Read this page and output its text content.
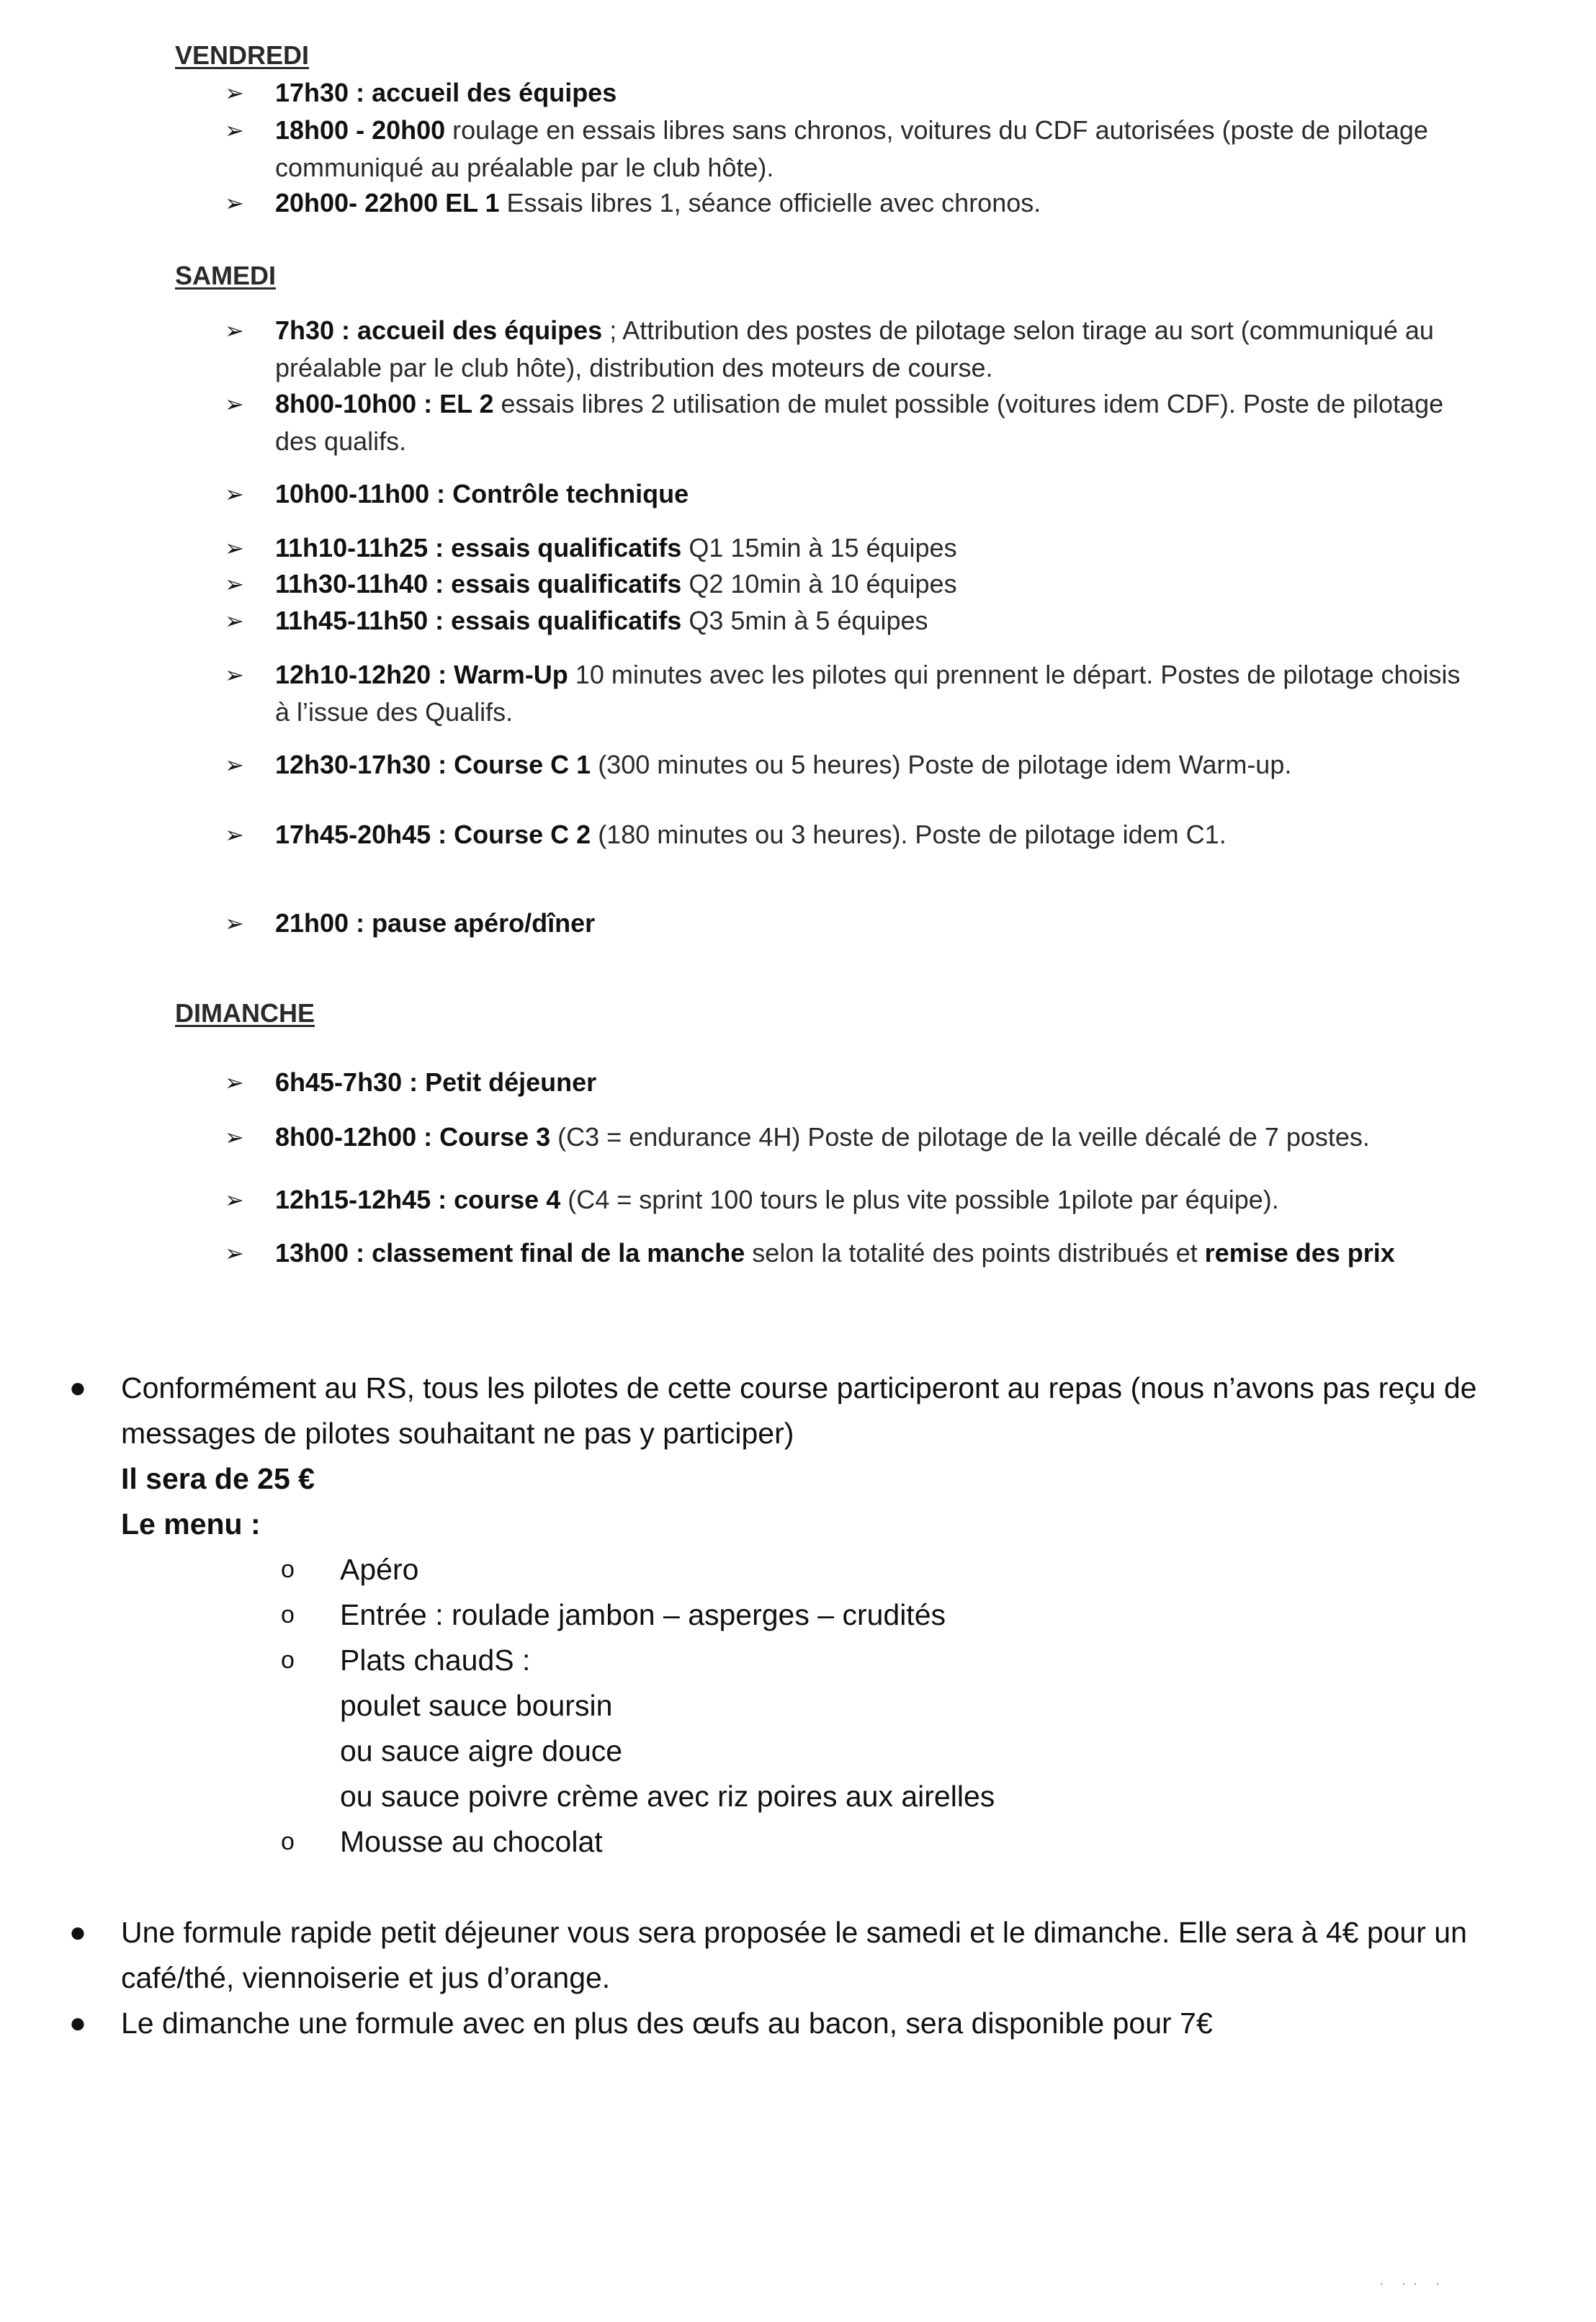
VENDREDI
➢	17h30 : accueil des équipes
➢	18h00 - 20h00 roulage en essais libres sans chronos, voitures du CDF autorisées (poste de pilotage communiqué au préalable par le club hôte).
➢	20h00- 22h00 EL 1 Essais libres 1, séance officielle avec chronos.
SAMEDI
➢	7h30 : accueil des équipes ; Attribution des postes de pilotage selon tirage au sort (communiqué au préalable par le club hôte), distribution des moteurs de course.
➢	8h00-10h00 : EL 2 essais libres 2 utilisation de mulet possible (voitures idem CDF). Poste de pilotage des qualifs.
➢	10h00-11h00 : Contrôle technique
➢	11h10-11h25 : essais qualificatifs Q1 15min à 15 équipes
➢	11h30-11h40 : essais qualificatifs Q2 10min à 10 équipes
➢	11h45-11h50 : essais qualificatifs Q3 5min à 5 équipes
➢	12h10-12h20 : Warm-Up 10 minutes avec les pilotes qui prennent le départ. Postes de pilotage choisis à l’issue des Qualifs.
➢	12h30-17h30 : Course C 1 (300 minutes ou 5 heures) Poste de pilotage idem Warm-up.
➢	17h45-20h45 : Course C 2 (180 minutes ou 3 heures). Poste de pilotage idem C1.
➢	21h00 : pause apéro/dîner
DIMANCHE
➢	6h45-7h30 : Petit déjeuner
➢	8h00-12h00 : Course 3 (C3 = endurance 4H) Poste de pilotage de la veille décalé de 7 postes.
➢	12h15-12h45 : course 4 (C4 = sprint 100 tours le plus vite possible 1pilote par équipe).
➢	13h00 : classement final de la manche selon la totalité des points distribués et remise des prix
● Conformément au RS, tous les pilotes de cette course participeront au repas (nous n’avons pas reçu de messages de pilotes souhaitant ne pas y participer)
Il sera de 25 €
Le menu :
o Apéro
o Entrée : roulade jambon – asperges – crudités
o Plats chaudS :
poulet sauce boursin
ou sauce aigre douce
ou sauce poivre crème avec riz poires aux airelles
o Mousse au chocolat
● Une formule rapide petit déjeuner vous sera proposée le samedi et le dimanche. Elle sera à 4€ pour un café/thé, viennoiserie et jus d’orange.
● Le dimanche une formule avec en plus des œufs au bacon, sera disponible pour 7€
· ·· ·
